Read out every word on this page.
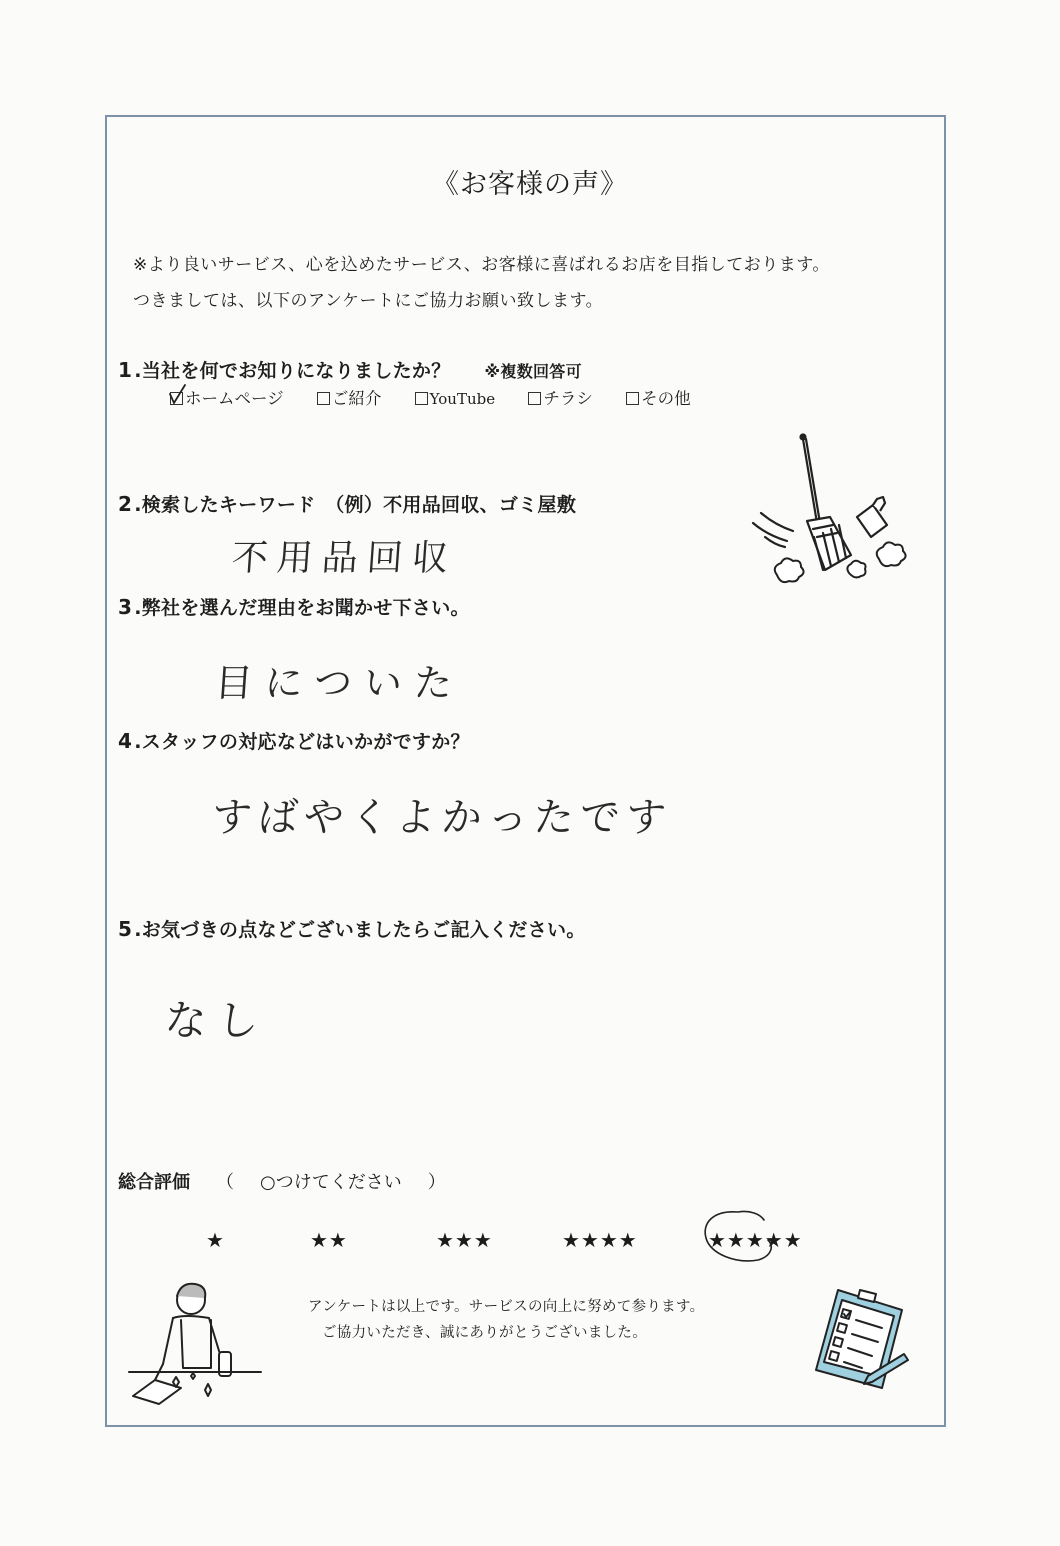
《お客様の声》
※より良いサービス、心を込めたサービス、お客様に喜ばれるお店を目指しております。
つきましては、以下のアンケートにご協力お願い致します。
1 .当社を何でお知りになりましたか？ ※複数回答可
ホームページ	ご紹介	YouTube	チラシ	その他
2 .検索したキーワード　（例）不用品回収、ゴミ屋敷
不用品回収
3 .弊社を選んだ理由をお聞かせ下さい。
目についた
4 .スタッフの対応などはいかがですか？
すばやくよかったです
5 .お気づきの点などございましたらご記入ください。
なし
総合評価 （ ○つけてください ）
★	★★	★★★	★★★★	★★★★★
アンケートは以上です。サービスの向上に努めて参ります。
ご協力いただき、誠にありがとうございました。
